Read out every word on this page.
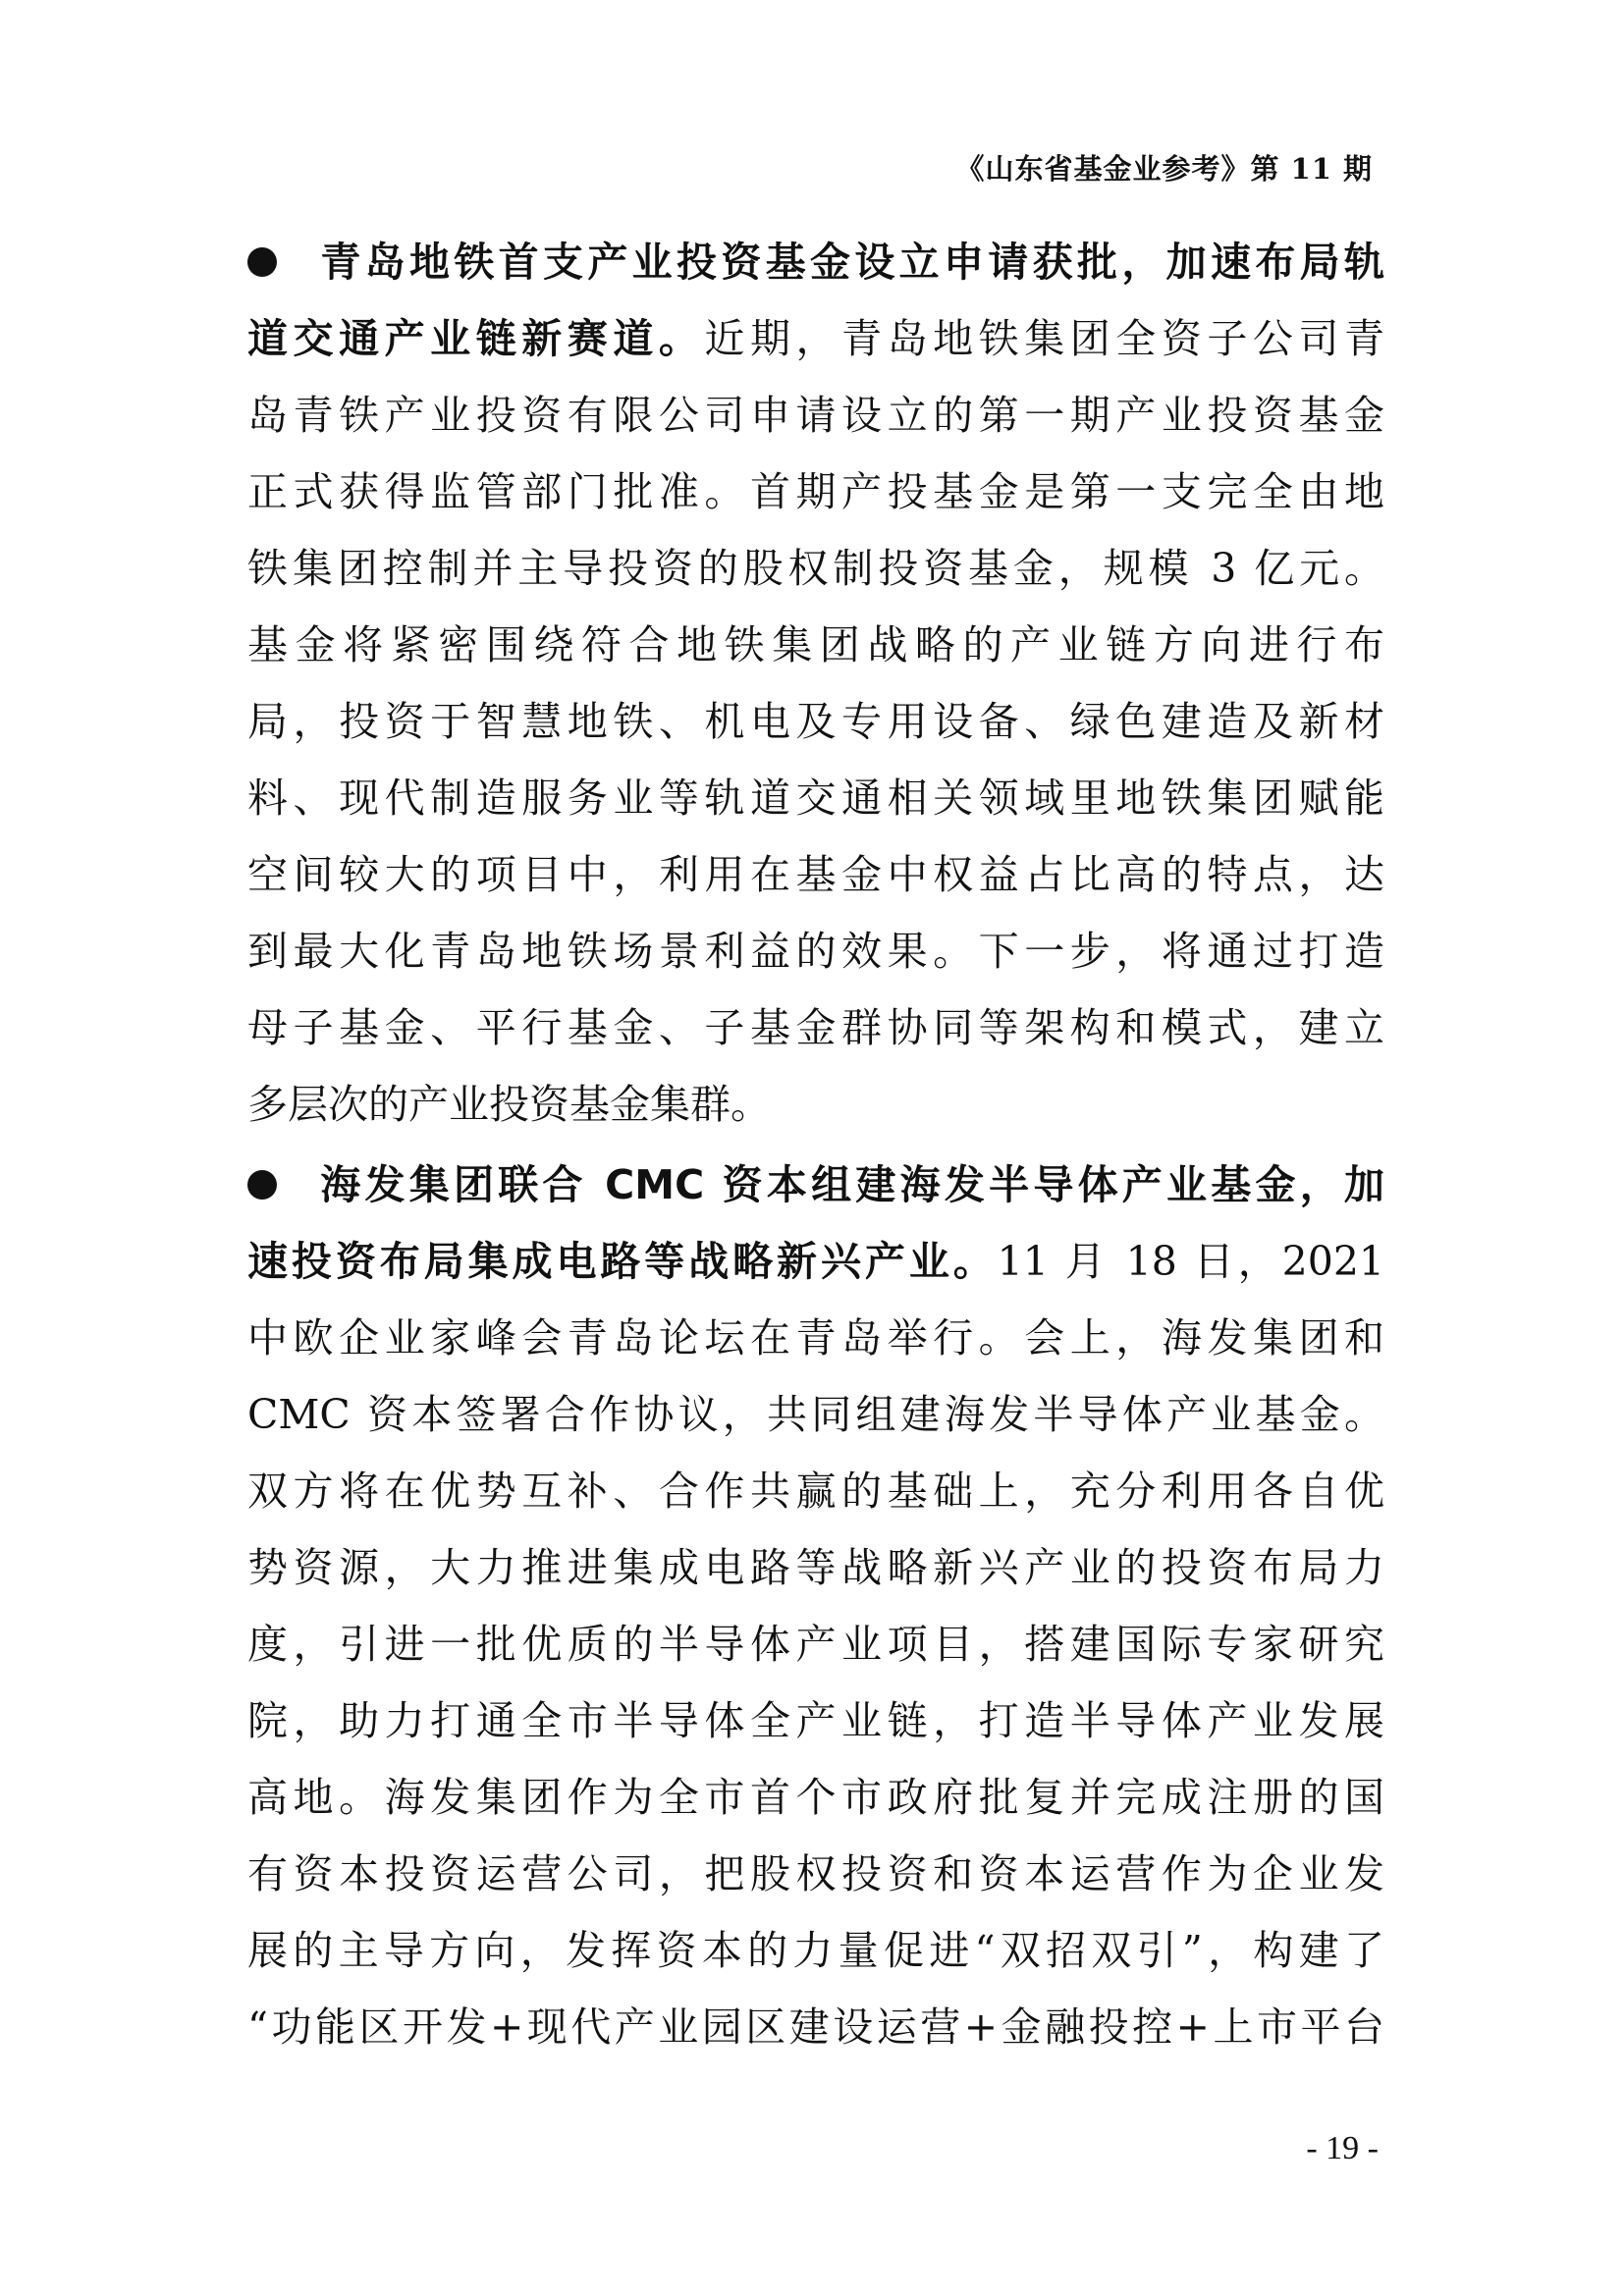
《山东省基金业参考》第 11 期
青岛地铁首支产业投资基金设立申请获批，加速布局轨
道交通产业链新赛道。近期，青岛地铁集团全资子公司青
岛青铁产业投资有限公司申请设立的第一期产业投资基金
正式获得监管部门批准。首期产投基金是第一支完全由地
铁集团控制并主导投资的股权制投资基金，规模 3 亿元。
基金将紧密围绕符合地铁集团战略的产业链方向进行布
局，投资于智慧地铁、机电及专用设备、绿色建造及新材
料、现代制造服务业等轨道交通相关领域里地铁集团赋能
空间较大的项目中，利用在基金中权益占比高的特点，达
到最大化青岛地铁场景利益的效果。下一步，将通过打造
母子基金、平行基金、子基金群协同等架构和模式，建立
多层次的产业投资基金集群。
海发集团联合 CMC 资本组建海发半导体产业基金，加
速投资布局集成电路等战略新兴产业。11 月 18 日，2021
中欧企业家峰会青岛论坛在青岛举行。会上，海发集团和
CMC 资本签署合作协议，共同组建海发半导体产业基金。
双方将在优势互补、合作共赢的基础上，充分利用各自优
势资源，大力推进集成电路等战略新兴产业的投资布局力
度，引进一批优质的半导体产业项目，搭建国际专家研究
院，助力打通全市半导体全产业链，打造半导体产业发展
高地。海发集团作为全市首个市政府批复并完成注册的国
有资本投资运营公司，把股权投资和资本运营作为企业发
展的主导方向，发挥资本的力量促进“双招双引”，构建了
“功能区开发+现代产业园区建设运营+金融投控+上市平台
- 19 -
